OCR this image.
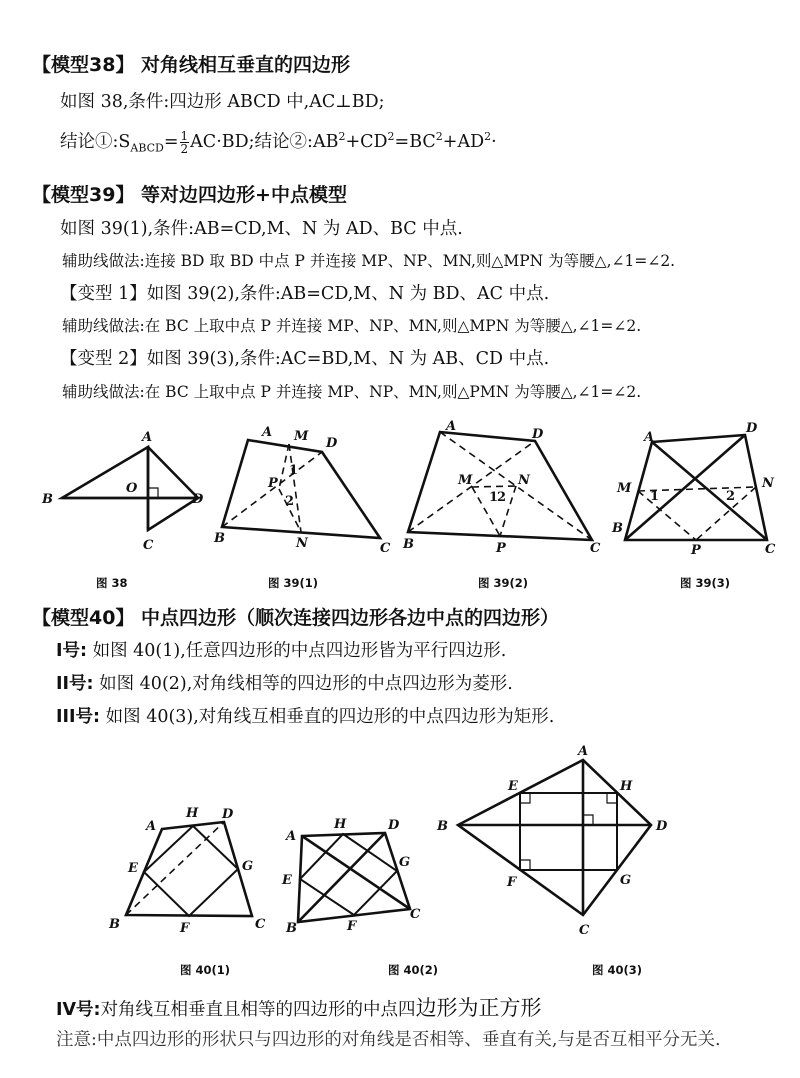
【模型38】 对角线相互垂直的四边形
如图 38,条件:四边形 ABCD 中,AC⊥BD;
结论$①:S_{ABCD}= \frac{1}{2} AC\cdot BD$;结论$②:AB^2+CD^2=BC^2+AD^2\cdot$
【模型39】 等对边四边形+中点模型
如图 39(1),条件:AB=CD,M、N 为 AD、BC 中点.
辅助线做法:连接 BD 取 BD 中点 P 并连接 MP、NP、MN,则△MPN 为等腰△,∠1=∠2.
【变型 1】如图 39(2),条件:AB=CD,M、N 为 BD、AC 中点.
辅助线做法:在 BC 上取中点 P 并连接 MP、NP、MN,则△MPN 为等腰△,∠1=∠2.
【变型 2】如图 39(3),条件:AC=BD,M、N 为 AB、CD 中点.
辅助线做法:在 BC 上取中点 P 并连接 MP、NP、MN,则△PMN 为等腰△,∠1=∠2.
A
B
O
D
C
A M D
P
1
2
B	N	C
A
D
M	N
1
2
B	P	C
A
D
M
1	2
N
B
P	C
图 38	图 39(1)	图 39(2)	图 39(3)
【模型40】 中点四边形（顺次连接四边形各边中点的四边形）
I号: 如图 40(1),任意四边形的中点四边形皆为平行四边形.
II号: 如图 40(2),对角线相等的四边形的中点四边形为菱形.
III号: 如图 40(3),对角线互相垂直的四边形的中点四边形为矩形.
A
H D
E	G
B	F	C
A
H	D
E
G
B	F
C
A
E	H
B	D
F	G
C
图 40(1)	图 40(2)	图 40(3)
IV号:对角线互相垂直且相等的四边形的中点四边形为正方形
注意:中点四边形的形状只与四边形的对角线是否相等、垂直有关,与是否互相平分无关.
